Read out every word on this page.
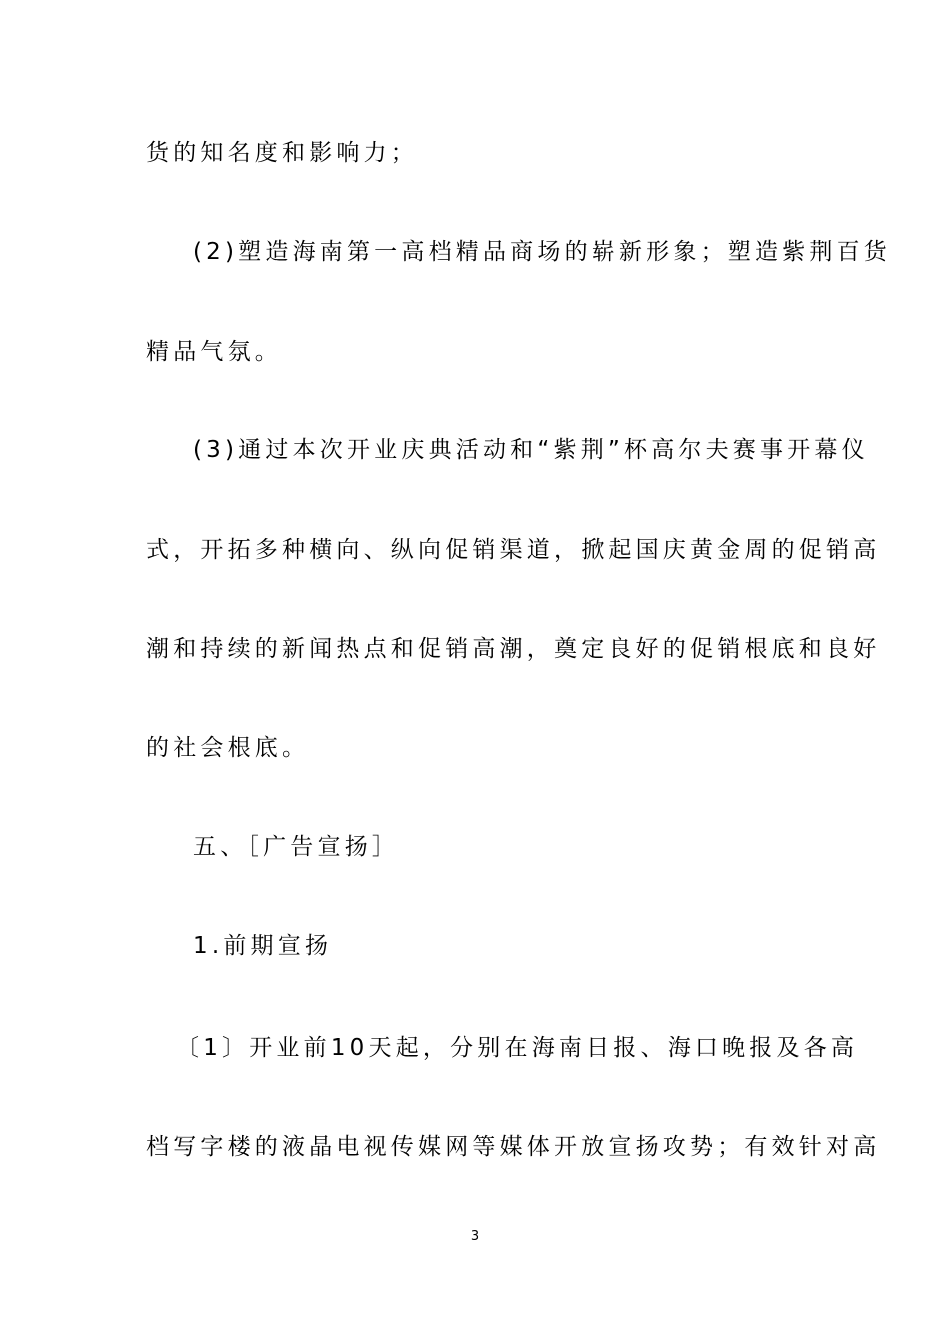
货的知名度和影响力；
(2)塑造海南第一高档精品商场的崭新形象；塑造紫荆百货
精品气氛。
(3)通过本次开业庆典活动和“紫荆”杯高尔夫赛事开幕仪
式，开拓多种横向、纵向促销渠道，掀起国庆黄金周的促销高
潮和持续的新闻热点和促销高潮，奠定良好的促销根底和良好
的社会根底。
五、［广告宣扬］
1.前期宣扬
〔1〕开业前10天起，分别在海南日报、海口晚报及各高
档写字楼的液晶电视传媒网等媒体开放宣扬攻势；有效针对高
3
